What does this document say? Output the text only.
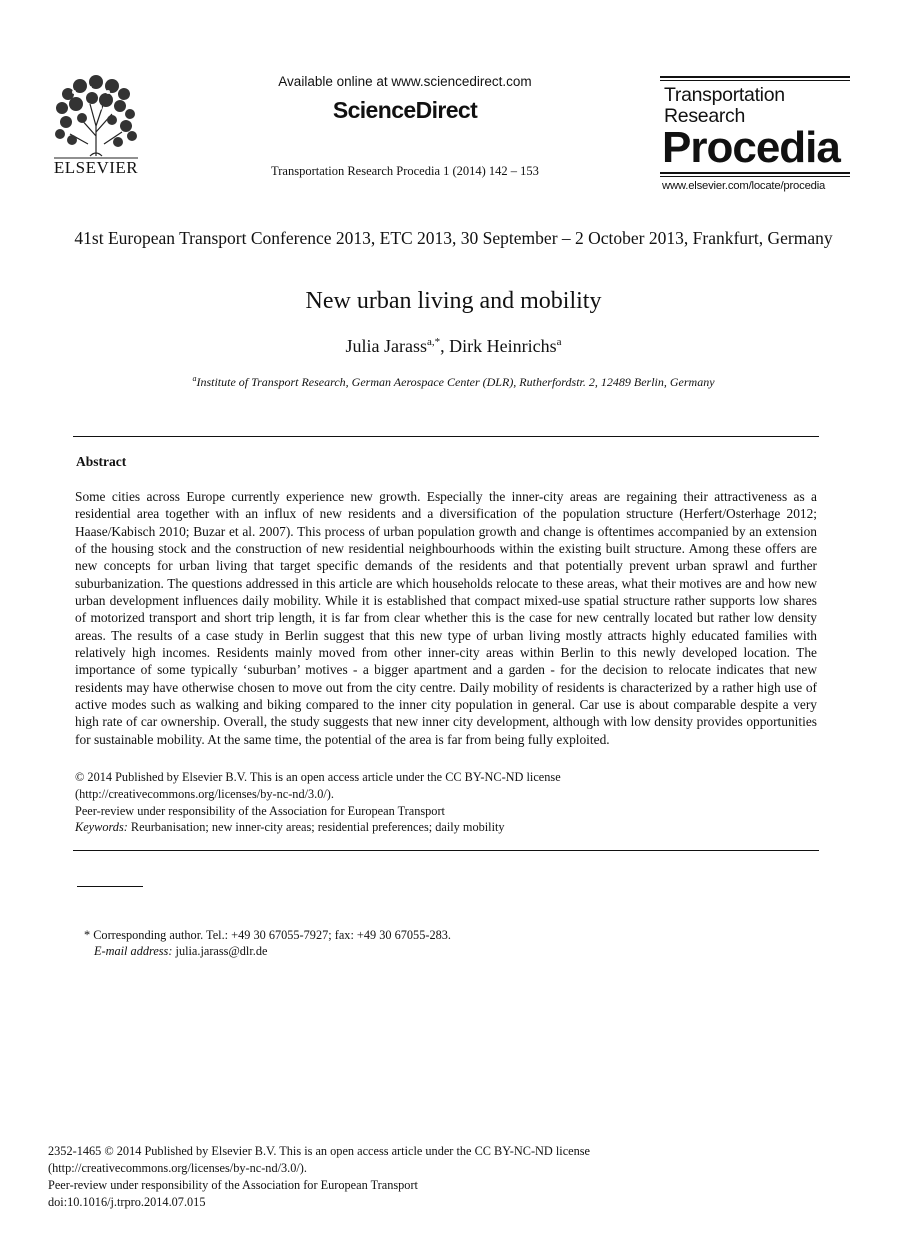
ELSEVIER
Available online at www.sciencedirect.com
ScienceDirect
Transportation Research Procedia 1 (2014) 142 – 153
Transportation
Research
Procedia
www.elsevier.com/locate/procedia
41st European Transport Conference 2013, ETC 2013, 30 September – 2 October 2013, Frankfurt, Germany
New urban living and mobility
Julia Jarass$^{a,*}$, Dirk Heinrichs$^a$
$^a$Institute of Transport Research, German Aerospace Center (DLR), Rutherfordstr. 2, 12489 Berlin, Germany
Abstract
Some cities across Europe currently experience new growth. Especially the inner-city areas are regaining their attractiveness as a residential area together with an influx of new residents and a diversification of the population structure (Herfert/Osterhage 2012; Haase/Kabisch 2010; Buzar et al. 2007). This process of urban population growth and change is oftentimes accompanied by an extension of the housing stock and the construction of new residential neighbourhoods within the existing built structure. Among these offers are new concepts for urban living that target specific demands of the residents and that potentially prevent urban sprawl and further suburbanization. The questions addressed in this article are which households relocate to these areas, what their motives are and how new urban development influences daily mobility. While it is established that compact mixed-use spatial structure rather supports low shares of motorized transport and short trip length, it is far from clear whether this is the case for new centrally located but rather low density areas. The results of a case study in Berlin suggest that this new type of urban living mostly attracts highly educated families with relatively high incomes. Residents mainly moved from other inner-city areas within Berlin to this newly developed location. The importance of some typically ‘suburban’ motives - a bigger apartment and a garden - for the decision to relocate indicates that new residents may have otherwise chosen to move out from the city centre. Daily mobility of residents is characterized by a rather high use of active modes such as walking and biking compared to the inner city population in general. Car use is about comparable despite a very high rate of car ownership. Overall, the study suggests that new inner city development, although with low density provides opportunities for sustainable mobility. At the same time, the potential of the area is far from being fully exploited.
© 2014 Published by Elsevier B.V. This is an open access article under the CC BY-NC-ND license
(http://creativecommons.org/licenses/by-nc-nd/3.0/).
Peer-review under responsibility of the Association for European Transport
Keywords: Reurbanisation; new inner-city areas; residential preferences; daily mobility
* Corresponding author. Tel.: +49 30 67055-7927; fax: +49 30 67055-283.
E-mail address: julia.jarass@dlr.de
2352-1465 © 2014 Published by Elsevier B.V. This is an open access article under the CC BY-NC-ND license
(http://creativecommons.org/licenses/by-nc-nd/3.0/).
Peer-review under responsibility of the Association for European Transport
doi:10.1016/j.trpro.2014.07.015
